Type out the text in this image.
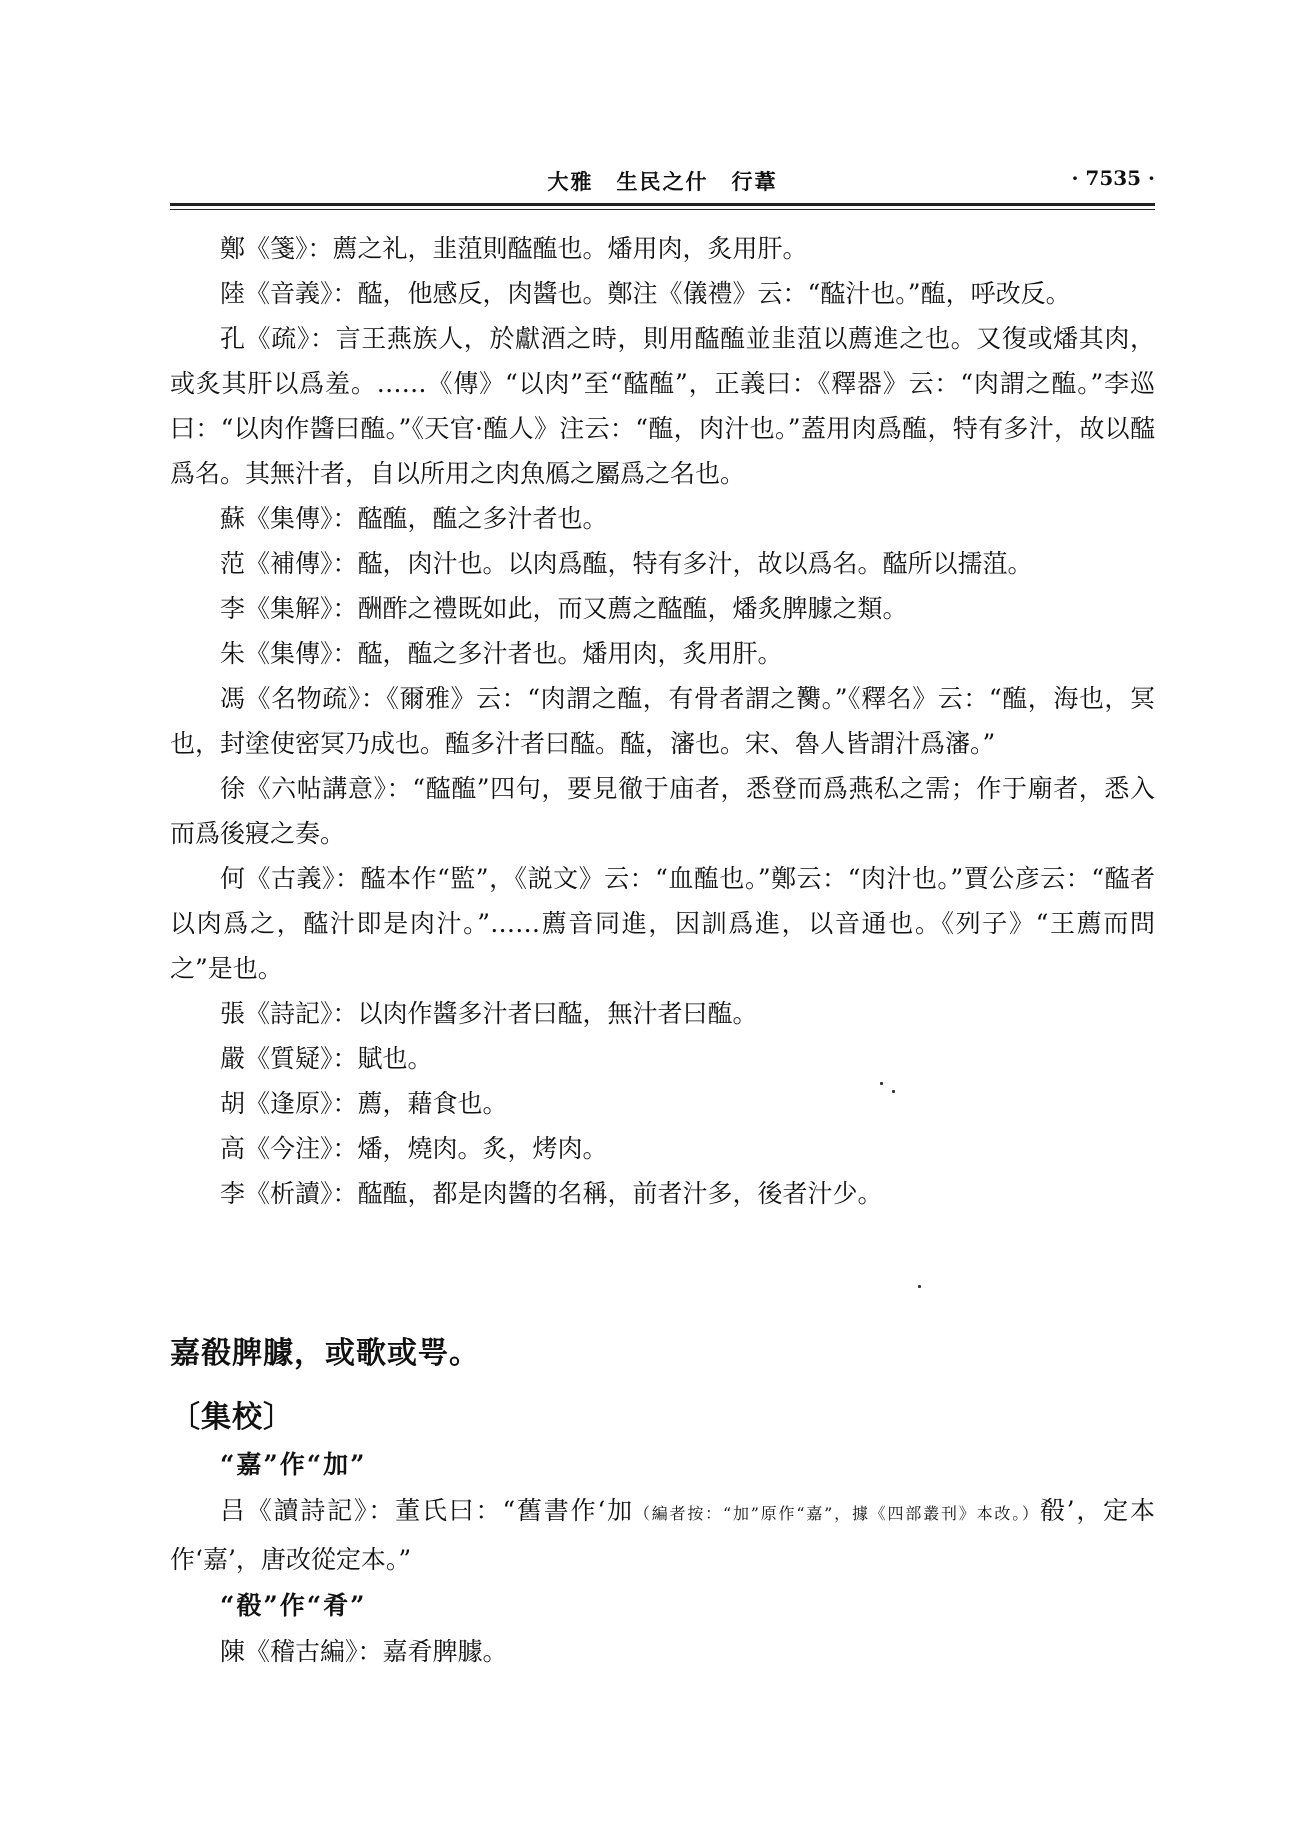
大雅　生民之什　行葦	· 7535 ·

鄭《箋》：薦之礼，韭菹則醓醢也。燔用肉，炙用肝。

陸《音義》：醓，他感反，肉醬也。鄭注《儀禮》云：“醓汁也。”醢，呼改反。

孔《疏》：言王燕族人，於獻酒之時，則用醓醢並韭菹以薦進之也。又復或燔其肉，或炙其肝以爲羞。……《傳》“以肉”至“醓醢”，正義曰：《釋器》云：“肉謂之醢。”李巡曰：“以肉作醬曰醢。”《天官·醢人》注云：“醢，肉汁也。”蓋用肉爲醢，特有多汁，故以醓爲名。其無汁者，自以所用之肉魚鴈之屬爲之名也。

蘇《集傳》：醓醢，醢之多汁者也。

范《補傳》：醓，肉汁也。以肉爲醢，特有多汁，故以爲名。醓所以擩菹。

李《集解》：酬酢之禮既如此，而又薦之醓醢，燔炙脾臄之類。

朱《集傳》：醓，醢之多汁者也。燔用肉，炙用肝。

馮《名物疏》：《爾雅》云：“肉謂之醢，有骨者謂之臡。”《釋名》云：“醢，海也，冥也，封塗使密冥乃成也。醢多汁者曰醓。醓，瀋也。宋、魯人皆謂汁爲瀋。”

徐《六帖講意》：“醓醢”四句，要見徹于庙者，悉登而爲燕私之需；作于廟者，悉入而爲後寢之奏。

何《古義》：醓本作“監”，《説文》云：“血醢也。”鄭云：“肉汁也。”賈公彦云：“醓者以肉爲之，醓汁即是肉汁。”……薦音同進，因訓爲進，以音通也。《列子》“王薦而問之”是也。

張《詩記》：以肉作醬多汁者曰醓，無汁者曰醢。

嚴《質疑》：賦也。

胡《逢原》：薦，藉食也。

高《今注》：燔，燒肉。炙，烤肉。

李《析讀》：醓醢，都是肉醬的名稱，前者汁多，後者汁少。

嘉殽脾臄，或歌或咢。
〔集校〕

“嘉”作“加”

吕《讀詩記》：董氏曰：“舊書作‘加（編者按：“加”原作“嘉”，據《四部叢刊》本改。）殽’，定本作‘嘉’，唐改從定本。”

“殽”作“肴”

陳《稽古編》：嘉肴脾臄。
